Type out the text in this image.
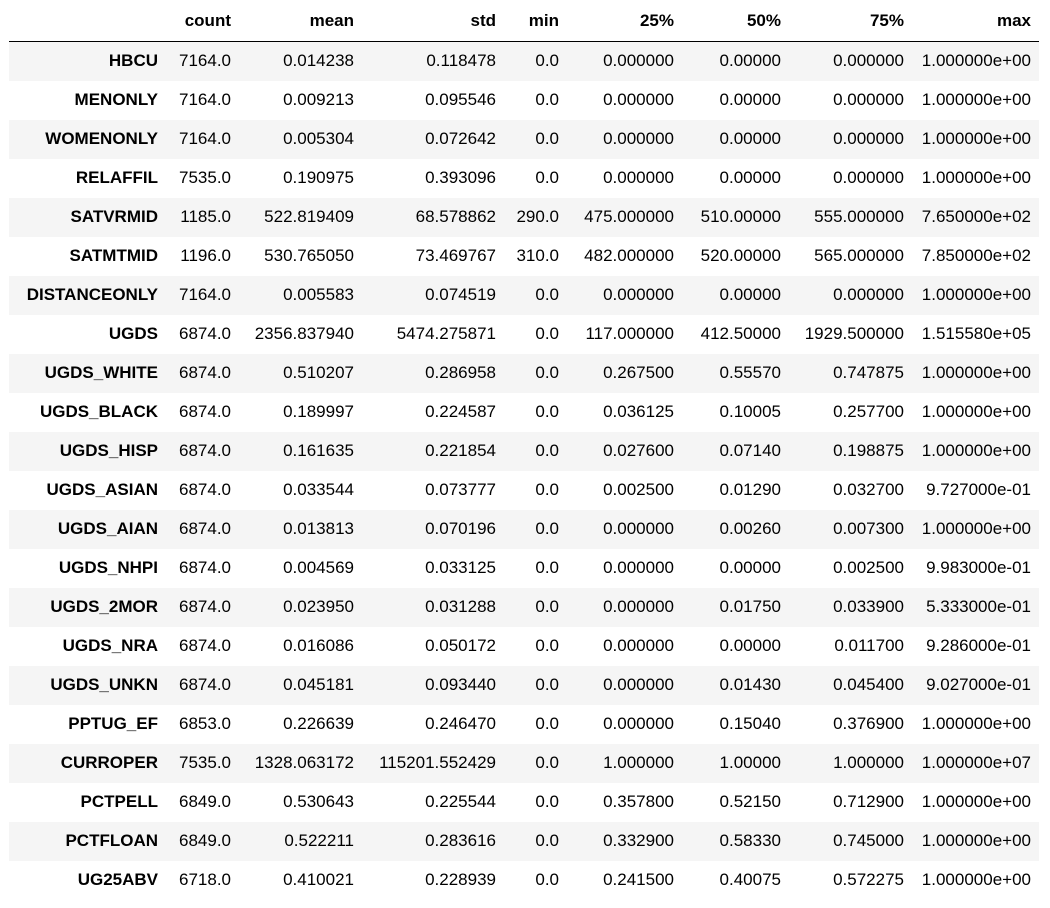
	count	mean	std	min	25%	50%	75%	max
HBCU	7164.0	0.014238	0.118478	0.0	0.000000	0.00000	0.000000	1.000000e+00
MENONLY	7164.0	0.009213	0.095546	0.0	0.000000	0.00000	0.000000	1.000000e+00
WOMENONLY	7164.0	0.005304	0.072642	0.0	0.000000	0.00000	0.000000	1.000000e+00
RELAFFIL	7535.0	0.190975	0.393096	0.0	0.000000	0.00000	0.000000	1.000000e+00
SATVRMID	1185.0	522.819409	68.578862	290.0	475.000000	510.00000	555.000000	7.650000e+02
SATMTMID	1196.0	530.765050	73.469767	310.0	482.000000	520.00000	565.000000	7.850000e+02
DISTANCEONLY	7164.0	0.005583	0.074519	0.0	0.000000	0.00000	0.000000	1.000000e+00
UGDS	6874.0	2356.837940	5474.275871	0.0	117.000000	412.50000	1929.500000	1.515580e+05
UGDS_WHITE	6874.0	0.510207	0.286958	0.0	0.267500	0.55570	0.747875	1.000000e+00
UGDS_BLACK	6874.0	0.189997	0.224587	0.0	0.036125	0.10005	0.257700	1.000000e+00
UGDS_HISP	6874.0	0.161635	0.221854	0.0	0.027600	0.07140	0.198875	1.000000e+00
UGDS_ASIAN	6874.0	0.033544	0.073777	0.0	0.002500	0.01290	0.032700	9.727000e-01
UGDS_AIAN	6874.0	0.013813	0.070196	0.0	0.000000	0.00260	0.007300	1.000000e+00
UGDS_NHPI	6874.0	0.004569	0.033125	0.0	0.000000	0.00000	0.002500	9.983000e-01
UGDS_2MOR	6874.0	0.023950	0.031288	0.0	0.000000	0.01750	0.033900	5.333000e-01
UGDS_NRA	6874.0	0.016086	0.050172	0.0	0.000000	0.00000	0.011700	9.286000e-01
UGDS_UNKN	6874.0	0.045181	0.093440	0.0	0.000000	0.01430	0.045400	9.027000e-01
PPTUG_EF	6853.0	0.226639	0.246470	0.0	0.000000	0.15040	0.376900	1.000000e+00
CURROPER	7535.0	1328.063172	115201.552429	0.0	1.000000	1.00000	1.000000	1.000000e+07
PCTPELL	6849.0	0.530643	0.225544	0.0	0.357800	0.52150	0.712900	1.000000e+00
PCTFLOAN	6849.0	0.522211	0.283616	0.0	0.332900	0.58330	0.745000	1.000000e+00
UG25ABV	6718.0	0.410021	0.228939	0.0	0.241500	0.40075	0.572275	1.000000e+00
